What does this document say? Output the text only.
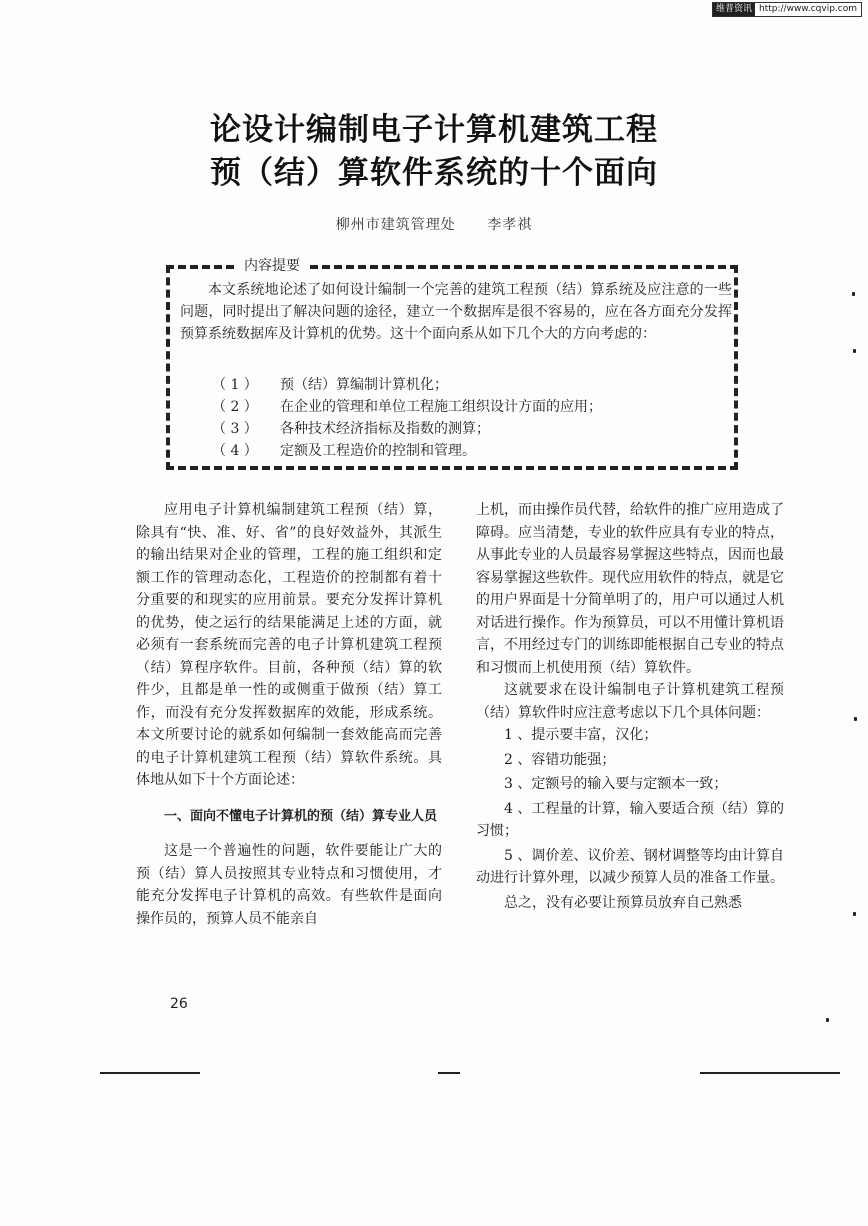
维普资讯 http://www.cqvip.com
论设计编制电子计算机建筑工程
预（结）算软件系统的十个面向
柳州市建筑管理处 李孝祺
内容提要
本文系统地论述了如何设计编制一个完善的建筑工程预（结）算系统及应注意的一些问题，同时提出了解决问题的途径，建立一个数据库是很不容易的，应在各方面充分发挥预算系统数据库及计算机的优势。这十个面向系从如下几个大的方向考虑的：
（ 1 ）	预（结）算编制计算机化；
（ 2 ）	在企业的管理和单位工程施工组织设计方面的应用；
（ 3 ）	各种技术经济指标及指数的测算；
（ 4 ）	定额及工程造价的控制和管理。

应用电子计算机编制建筑工程预（结）算，除具有“快、准、好、省”的良好效益外，其派生的输出结果对企业的管理，工程的施工组织和定额工作的管理动态化，工程造价的控制都有着十分重要的和现实的应用前景。要充分发挥计算机的优势，使之运行的结果能满足上述的方面，就必须有一套系统而完善的电子计算机建筑工程预（结）算程序软件。目前，各种预（结）算的软件少，且都是单一性的或侧重于做预（结）算工作，而没有充分发挥数据库的效能，形成系统。本文所要讨论的就系如何编制一套效能高而完善的电子计算机建筑工程预（结）算软件系统。具体地从如下十个方面论述：

一、面向不懂电子计算机的预（结）算专业人员

这是一个普遍性的问题，软件要能让广大的预（结）算人员按照其专业特点和习惯使用，才能充分发挥电子计算机的高效。有些软件是面向操作员的，预算人员不能亲自

上机，而由操作员代替，给软件的推广应用造成了障碍。应当清楚，专业的软件应具有专业的特点，从事此专业的人员最容易掌握这些特点，因而也最容易掌握这些软件。现代应用软件的特点，就是它的用户界面是十分简单明了的，用户可以通过人机对话进行操作。作为预算员，可以不用懂计算机语言，不用经过专门的训练即能根据自己专业的特点和习惯而上机使用预（结）算软件。

这就要求在设计编制电子计算机建筑工程预（结）算软件时应注意考虑以下几个具体问题：

1 、提示要丰富，汉化；

2 、容错功能强；

3 、定额号的输入要与定额本一致；

4 、工程量的计算，输入要适合预（结）算的习惯；

5 、调价差、议价差、钢材调整等均由计算自动进行计算外理，以减少预算人员的准备工作量。

总之，没有必要让预算员放弃自己熟悉

26
